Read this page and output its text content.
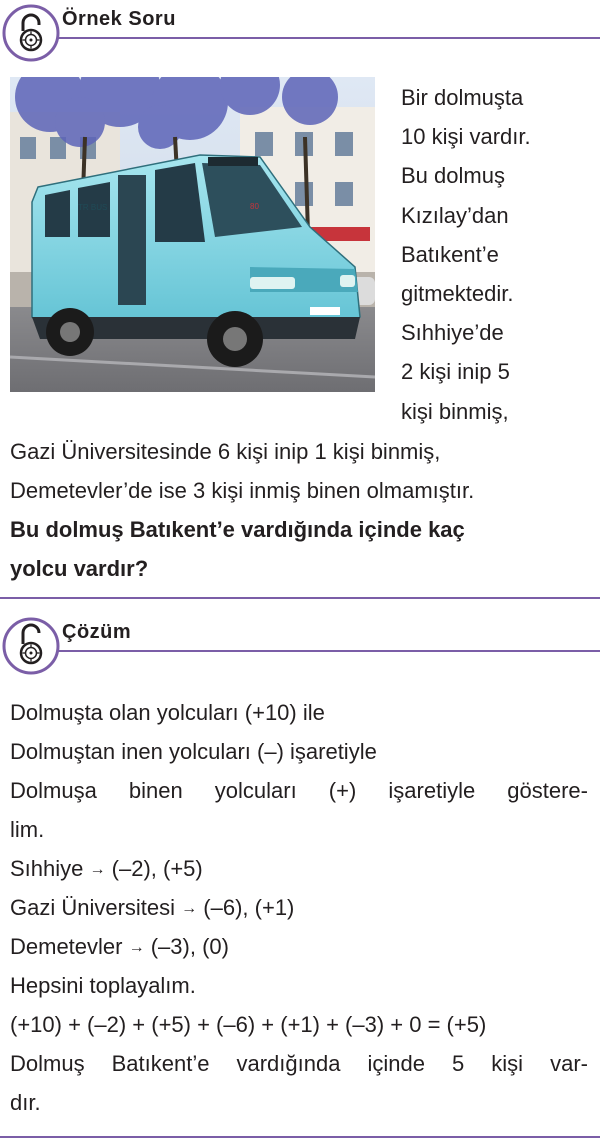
Örnek Soru
TR BUS	80

Bir dolmuşta
10 kişi vardır.
Bu dolmuş
Kızılay’dan
Batıkent’e
gitmektedir.
Sıhhiye’de
2 kişi inip 5
kişi binmiş,

Gazi Üniversitesinde 6 kişi inip 1 kişi binmiş,

Demetevler’de ise 3 kişi inmiş binen olmamıştır.

Bu dolmuş Batıkent’e vardığında içinde kaç

yolcu vardır?

Çözüm

Dolmuşta olan yolcuları (+10) ile

Dolmuştan inen yolcuları (–) işaretiyle

Dolmuşa binen yolcuları (+) işaretiyle göstere-

lim.

Sıhhiye → (–2), (+5)

Gazi Üniversitesi → (–6), (+1)

Demetevler → (–3), (0)

Hepsini toplayalım.

(+10) + (–2) + (+5) + (–6) + (+1) + (–3) + 0 = (+5)

Dolmuş Batıkent’e vardığında içinde 5 kişi var-

dır.
